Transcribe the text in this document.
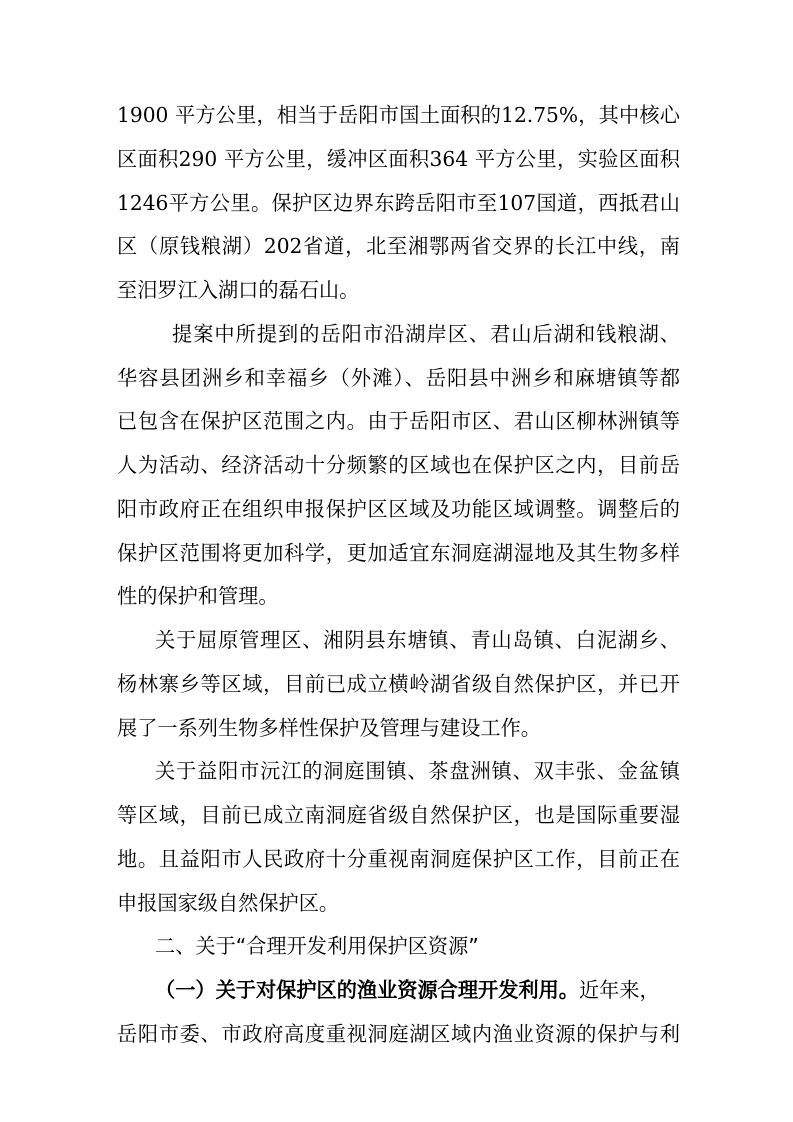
1900 平方公里，相当于岳阳市国土面积的12.75%，其中核心
区面积290 平方公里，缓冲区面积364 平方公里，实验区面积
1246平方公里。保护区边界东跨岳阳市至107国道，西抵君山
区（原钱粮湖）202省道，北至湘鄂两省交界的长江中线，南
至汨罗江入湖口的磊石山。
提案中所提到的岳阳市沿湖岸区、君山后湖和钱粮湖、
华容县团洲乡和幸福乡（外滩）、岳阳县中洲乡和麻塘镇等都
已包含在保护区范围之内。由于岳阳市区、君山区柳林洲镇等
人为活动、经济活动十分频繁的区域也在保护区之内，目前岳
阳市政府正在组织申报保护区区域及功能区域调整。调整后的
保护区范围将更加科学，更加适宜东洞庭湖湿地及其生物多样
性的保护和管理。
关于屈原管理区、湘阴县东塘镇、青山岛镇、白泥湖乡、
杨林寨乡等区域，目前已成立横岭湖省级自然保护区，并已开
展了一系列生物多样性保护及管理与建设工作。
关于益阳市沅江的洞庭围镇、茶盘洲镇、双丰张、金盆镇
等区域，目前已成立南洞庭省级自然保护区，也是国际重要湿
地。且益阳市人民政府十分重视南洞庭保护区工作，目前正在
申报国家级自然保护区。
二、关于“合理开发利用保护区资源”
（一）关于对保护区的渔业资源合理开发利用。近年来，
岳阳市委、市政府高度重视洞庭湖区域内渔业资源的保护与利
